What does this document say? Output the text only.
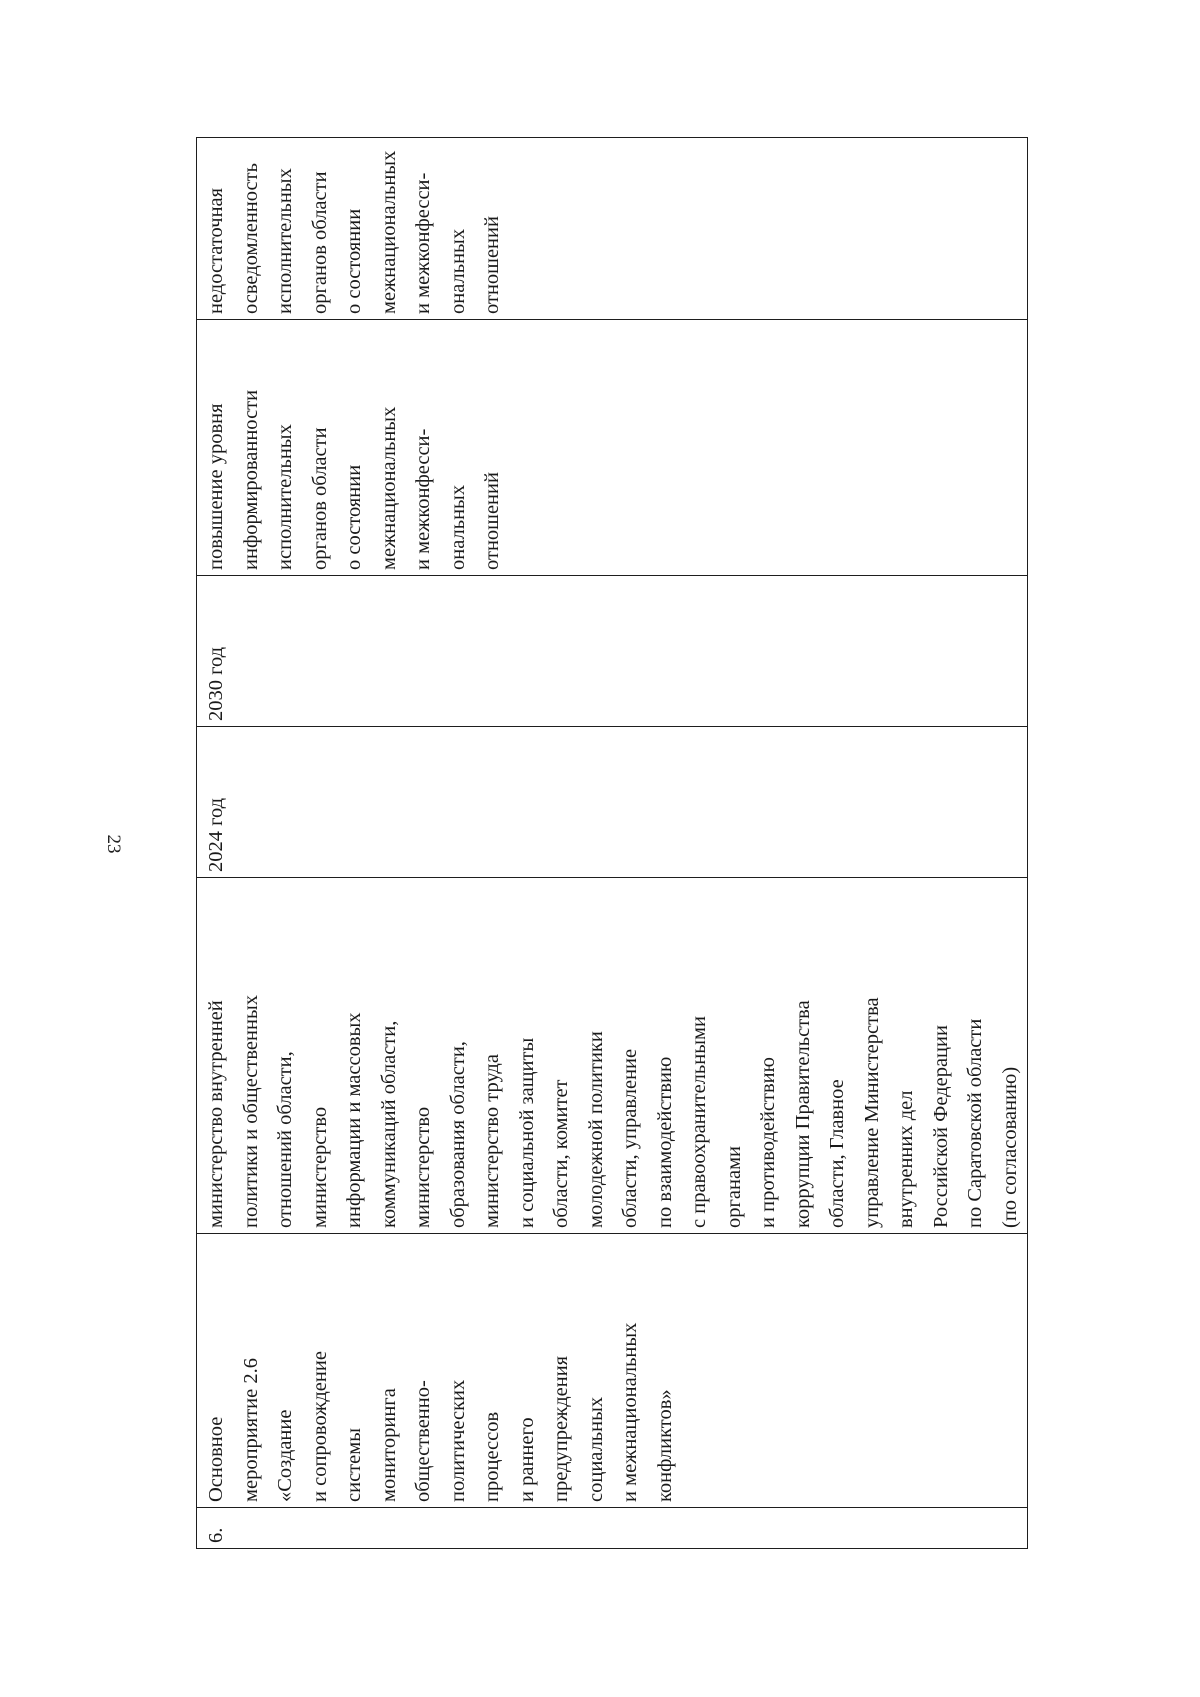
23
6.

Основное мероприятие 2.6 «Создание и сопровождение системы мониторинга общественно- политических процессов и раннего предупреждения социальных и межнациональных конфликтов»

министерство внутренней политики и общественных отношений области, министерство информации и массовых коммуникаций области, министерство образования области, министерство труда и социальной защиты области, комитет молодежной политики области, управление по взаимодействию с правоохранительными органами и противодействию коррупции Правительства области, Главное управление Министерства внутренних дел Российской Федерации по Саратовской области (по согласованию)

2024 год

2030 год

повышение уровня информированности исполнительных органов области о состоянии межнациональных и межконфесси- ональных отношений

недостаточная осведомленность исполнительных органов области о состоянии межнациональных и межконфесси- ональных отношений
